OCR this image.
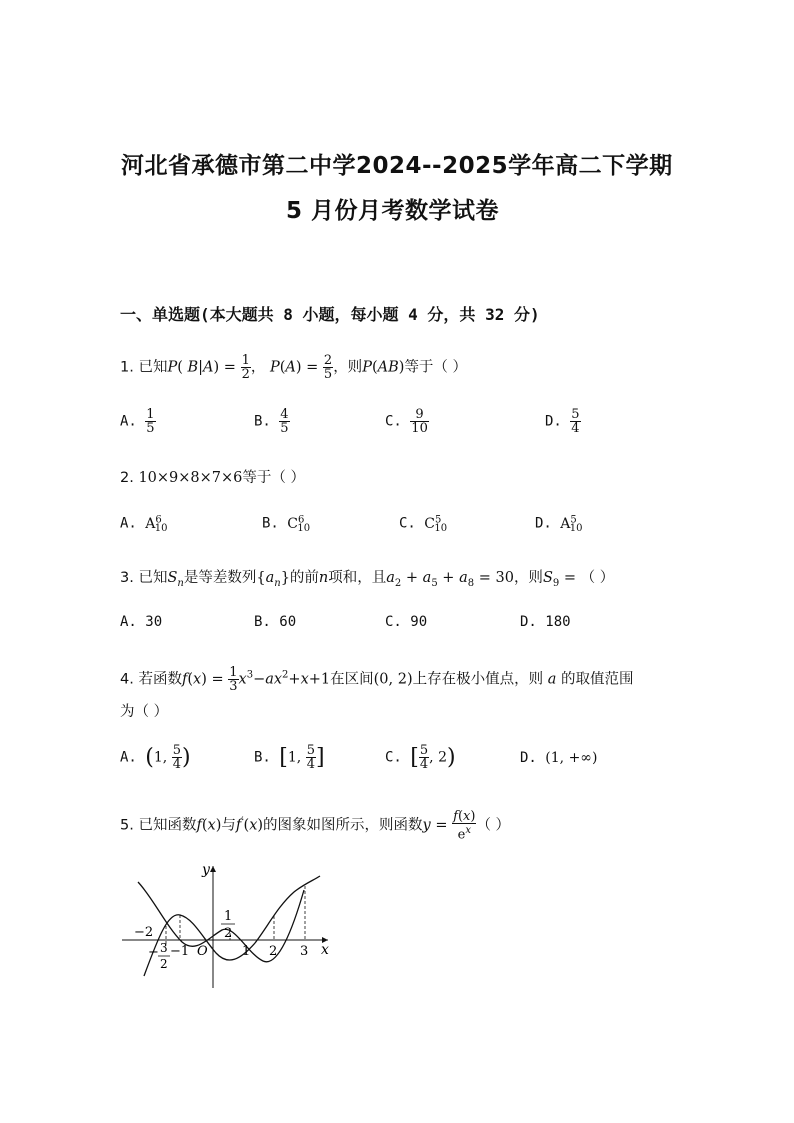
河北省承德市第二中学2024--2025学年高二下学期
5 月份月考数学试卷
一、单选题(本大题共 8 小题，每小题 4 分，共 32 分)
1. 已知P( $B|A) = \frac{1}{2}$ ， $P(A) = \frac{2}{5}$ ，则P(AB)等于（ ）
A. $\frac{1}{5}$	B. $\frac{4}{5}$	C. $\frac{9}{10}$	D. $\frac{5}{4}$
2. 10×9×8×7×6等于（ ）
A. $A^6_{10}$	B. $C^6_{10}$	C. $C^5_{10}$	D. $A^5_{10}$
3. 已知$S_n$是等差数列$\{a_n\}$的前n项和，且$a_2 + a_5 + a_8 = 30$，则$S_9$ = （ ）
A. 30	B. 60	C. 90	D. 180
4. 若函数$f(x) = \frac{1}{3} x^3-ax^2+x+1$在区间(0, 2)上存在极小值点，则 a 的取值范围
为（ ）
A. (1, $\frac{5}{4}$ )	B. [1, $\frac{5}{4}$ ]	C. [ $\frac{5}{4}$ , 2)	D. (1, +∞)
5. 已知函数f(x)与f′(x)的图象如图所示，则函数$y = \frac{f(x)}{e^x}$ （ ）
y
x
O
−2
−1	1 2 3
1
2
− 3
2
